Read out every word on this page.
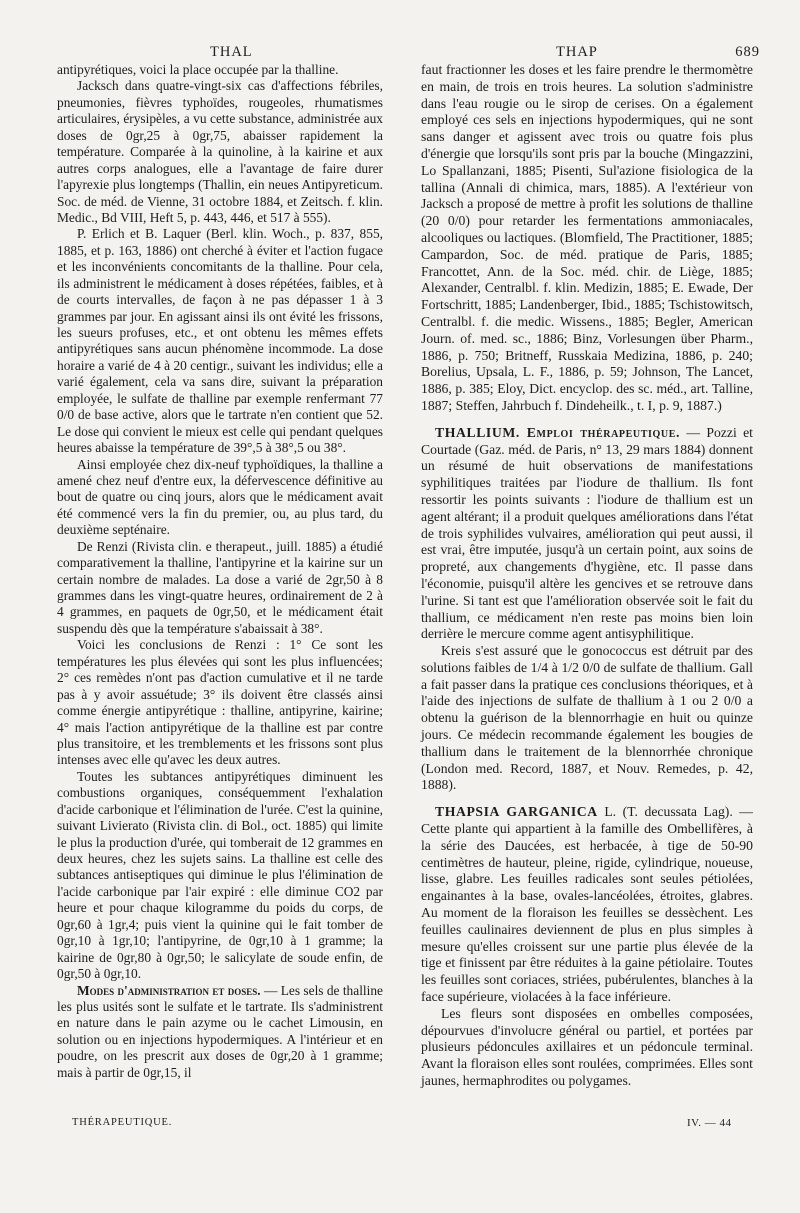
THAL	THAP	689

antipyrétiques, voici la place occupée par la thalline.

Jacksch dans quatre-vingt-six cas d'affections fébriles, pneumonies, fièvres typhoïdes, rougeoles, rhumatismes articulaires, érysipèles, a vu cette substance, administrée aux doses de 0gr,25 à 0gr,75, abaisser rapidement la température. Comparée à la quinoline, à la kairine et aux autres corps analogues, elle a l'avantage de faire durer l'apyrexie plus longtemps (Thallin, ein neues Antipyreticum. Soc. de méd. de Vienne, 31 octobre 1884, et Zeitsch. f. klin. Medic., Bd VIII, Heft 5, p. 443, 446, et 517 à 555).

P. Erlich et B. Laquer (Berl. klin. Woch., p. 837, 855, 1885, et p. 163, 1886) ont cherché à éviter et l'action fugace et les inconvénients concomitants de la thalline. Pour cela, ils administrent le médicament à doses répétées, faibles, et à de courts intervalles, de façon à ne pas dépasser 1 à 3 grammes par jour. En agissant ainsi ils ont évité les frissons, les sueurs profuses, etc., et ont obtenu les mêmes effets antipyrétiques sans aucun phénomène incommode. La dose horaire a varié de 4 à 20 centigr., suivant les individus; elle a varié également, cela va sans dire, suivant la préparation employée, le sulfate de thalline par exemple renfermant 77 0/0 de base active, alors que le tartrate n'en contient que 52. Le dose qui convient le mieux est celle qui pendant quelques heures abaisse la température de 39°,5 à 38°,5 ou 38°.

Ainsi employée chez dix-neuf typhoïdiques, la thalline a amené chez neuf d'entre eux, la défervescence définitive au bout de quatre ou cinq jours, alors que le médicament avait été commencé vers la fin du premier, ou, au plus tard, du deuxième septénaire.

De Renzi (Rivista clin. e therapeut., juill. 1885) a étudié comparativement la thalline, l'antipyrine et la kairine sur un certain nombre de malades. La dose a varié de 2gr,50 à 8 grammes dans les vingt-quatre heures, ordinairement de 2 à 4 grammes, en paquets de 0gr,50, et le médicament était suspendu dès que la température s'abaissait à 38°.

Voici les conclusions de Renzi : 1° Ce sont les températures les plus élevées qui sont les plus influencées; 2° ces remèdes n'ont pas d'action cumulative et il ne tarde pas à y avoir assuétude; 3° ils doivent être classés ainsi comme énergie antipyrétique : thalline, antipyrine, kairine; 4° mais l'action antipyrétique de la thalline est par contre plus transitoire, et les tremblements et les frissons sont plus intenses avec elle qu'avec les deux autres.

Toutes les subtances antipyrétiques diminuent les combustions organiques, conséquemment l'exhalation d'acide carbonique et l'élimination de l'urée. C'est la quinine, suivant Livierato (Rivista clin. di Bol., oct. 1885) qui limite le plus la production d'urée, qui tomberait de 12 grammes en deux heures, chez les sujets sains. La thalline est celle des subtances antiseptiques qui diminue le plus l'élimination de l'acide carbonique par l'air expiré : elle diminue CO2 par heure et pour chaque kilogramme du poids du corps, de 0gr,60 à 1gr,4; puis vient la quinine qui le fait tomber de 0gr,10 à 1gr,10; l'antipyrine, de 0gr,10 à 1 gramme; la kairine de 0gr,80 à 0gr,50; le salicylate de soude enfin, de 0gr,50 à 0gr,10.

Modes d'administration et doses. — Les sels de thalline les plus usités sont le sulfate et le tartrate. Ils s'administrent en nature dans le pain azyme ou le cachet Limousin, en solution ou en injections hypodermiques. A l'intérieur et en poudre, on les prescrit aux doses de 0gr,20 à 1 gramme; mais à partir de 0gr,15, il

faut fractionner les doses et les faire prendre le thermomètre en main, de trois en trois heures. La solution s'administre dans l'eau rougie ou le sirop de cerises. On a également employé ces sels en injections hypodermiques, qui ne sont sans danger et agissent avec trois ou quatre fois plus d'énergie que lorsqu'ils sont pris par la bouche (Mingazzini, Lo Spallanzani, 1885; Pisenti, Sul'azione fisiologica de la tallina (Annali di chimica, mars, 1885). A l'extérieur von Jacksch a proposé de mettre à profit les solutions de thalline (20 0/0) pour retarder les fermentations ammoniacales, alcooliques ou lactiques. (Blomfield, The Practitioner, 1885; Campardon, Soc. de méd. pratique de Paris, 1885; Francottet, Ann. de la Soc. méd. chir. de Liège, 1885; Alexander, Centralbl. f. klin. Medizin, 1885; E. Ewade, Der Fortschritt, 1885; Landenberger, Ibid., 1885; Tschistowitsch, Centralbl. f. die medic. Wissens., 1885; Begler, American Journ. of. med. sc., 1886; Binz, Vorlesungen über Pharm., 1886, p. 750; Britneff, Russkaia Medizina, 1886, p. 240; Borelius, Upsala, L. F., 1886, p. 59; Johnson, The Lancet, 1886, p. 385; Eloy, Dict. encyclop. des sc. méd., art. Talline, 1887; Steffen, Jahrbuch f. Dindeheilk., t. I, p. 9, 1887.)

THALLIUM. Emploi thérapeutique. — Pozzi et Courtade (Gaz. méd. de Paris, n° 13, 29 mars 1884) donnent un résumé de huit observations de manifestations syphilitiques traitées par l'iodure de thallium. Ils font ressortir les points suivants : l'iodure de thallium est un agent altérant; il a produit quelques améliorations dans l'état de trois syphilides vulvaires, amélioration qui peut aussi, il est vrai, être imputée, jusqu'à un certain point, aux soins de propreté, aux changements d'hygiène, etc. Il passe dans l'économie, puisqu'il altère les gencives et se retrouve dans l'urine. Si tant est que l'amélioration observée soit le fait du thallium, ce médicament n'en reste pas moins bien loin derrière le mercure comme agent antisyphilitique.

Kreis s'est assuré que le gonococcus est détruit par des solutions faibles de 1/4 à 1/2 0/0 de sulfate de thallium. Gall a fait passer dans la pratique ces conclusions théoriques, et à l'aide des injections de sulfate de thallium à 1 ou 2 0/0 a obtenu la guérison de la blennorrhagie en huit ou quinze jours. Ce médecin recommande également les bougies de thallium dans le traitement de la blennorrhée chronique (London med. Record, 1887, et Nouv. Remedes, p. 42, 1888).

THAPSIA GARGANICA L. (T. decussata Lag). — Cette plante qui appartient à la famille des Ombellifères, à la série des Daucées, est herbacée, à tige de 50-90 centimètres de hauteur, pleine, rigide, cylindrique, noueuse, lisse, glabre. Les feuilles radicales sont seules pétiolées, engainantes à la base, ovales-lancéolées, étroites, glabres. Au moment de la floraison les feuilles se dessèchent. Les feuilles caulinaires deviennent de plus en plus simples à mesure qu'elles croissent sur une partie plus élevée de la tige et finissent par être réduites à la gaine pétiolaire. Toutes les feuilles sont coriaces, striées, pubérulentes, blanches à la face supérieure, violacées à la face inférieure.

Les fleurs sont disposées en ombelles composées, dépourvues d'involucre général ou partiel, et portées par plusieurs pédoncules axillaires et un pédoncule terminal. Avant la floraison elles sont roulées, comprimées. Elles sont jaunes, hermaphrodites ou polygames.

THÉRAPEUTIQUE.	IV. — 44
